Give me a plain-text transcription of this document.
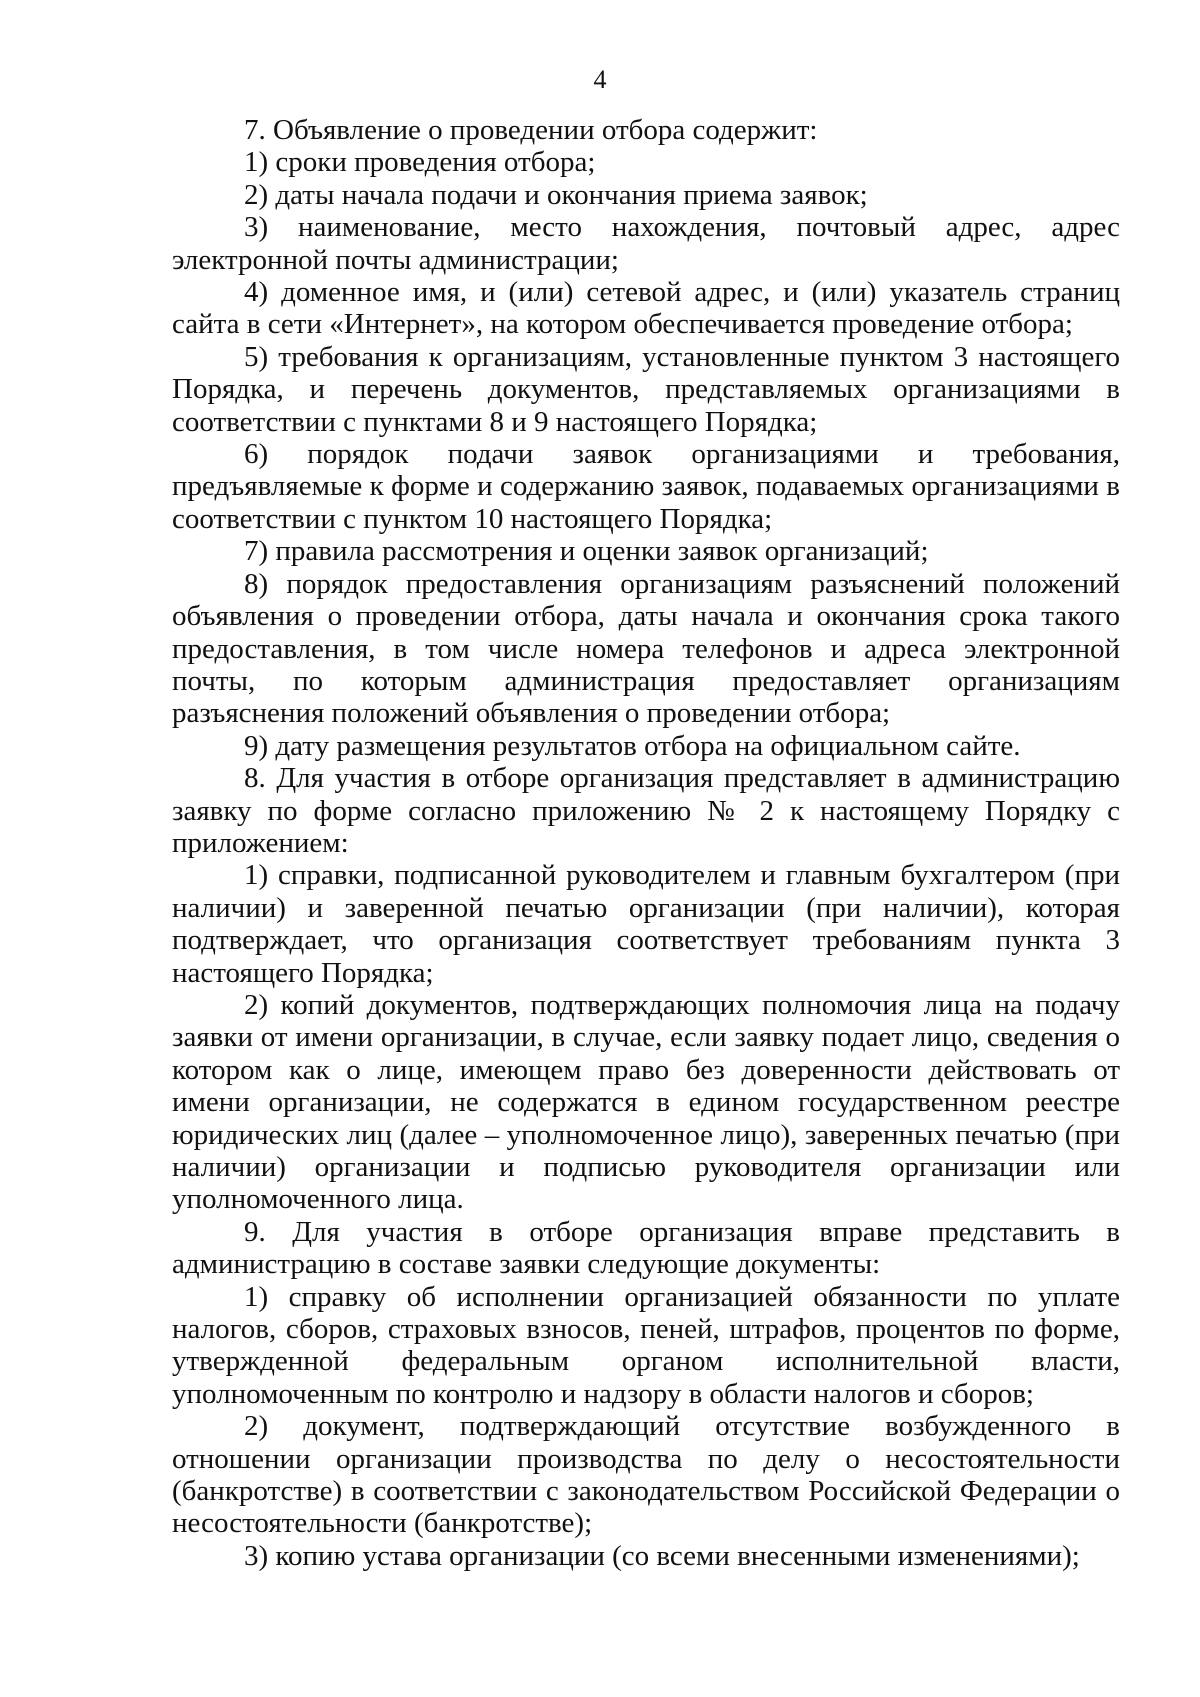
4

7. Объявление о проведении отбора содержит:

1) сроки проведения отбора;

2) даты начала подачи и окончания приема заявок;

3) наименование, место нахождения, почтовый адрес, адрес электронной почты администрации;

4) доменное имя, и (или) сетевой адрес, и (или) указатель страниц сайта в сети «Интернет», на котором обеспечивается проведение отбора;

5) требования к организациям, установленные пунктом 3 настоящего Порядка, и перечень документов, представляемых организациями в соответствии с пунктами 8 и 9 настоящего Порядка;

6) порядок подачи заявок организациями и требования, предъявляемые к форме и содержанию заявок, подаваемых организациями в соответствии с пунктом 10 настоящего Порядка;

7) правила рассмотрения и оценки заявок организаций;

8) порядок предоставления организациям разъяснений положений объявления о проведении отбора, даты начала и окончания срока такого предоставления, в том числе номера телефонов и адреса электронной почты, по которым администрация предоставляет организациям разъяснения положений объявления о проведении отбора;

9) дату размещения результатов отбора на официальном сайте.

8. Для участия в отборе организация представляет в администрацию заявку по форме согласно приложению № 2 к настоящему Порядку с приложением:

1) справки, подписанной руководителем и главным бухгалтером (при наличии) и заверенной печатью организации (при наличии), которая подтверждает, что организация соответствует требованиям пункта 3 настоящего Порядка;

2) копий документов, подтверждающих полномочия лица на подачу заявки от имени организации, в случае, если заявку подает лицо, сведения о котором как о лице, имеющем право без доверенности действовать от имени организации, не содержатся в едином государственном реестре юридических лиц (далее – уполномоченное лицо), заверенных печатью (при наличии) организации и подписью руководителя организации или уполномоченного лица.

9. Для участия в отборе организация вправе представить в администрацию в составе заявки следующие документы:

1) справку об исполнении организацией обязанности по уплате налогов, сборов, страховых взносов, пеней, штрафов, процентов по форме, утвержденной федеральным органом исполнительной власти, уполномоченным по контролю и надзору в области налогов и сборов;

2) документ, подтверждающий отсутствие возбужденного в отношении организации производства по делу о несостоятельности (банкротстве) в соответствии с законодательством Российской Федерации о несостоятельности (банкротстве);

3) копию устава организации (со всеми внесенными изменениями);
